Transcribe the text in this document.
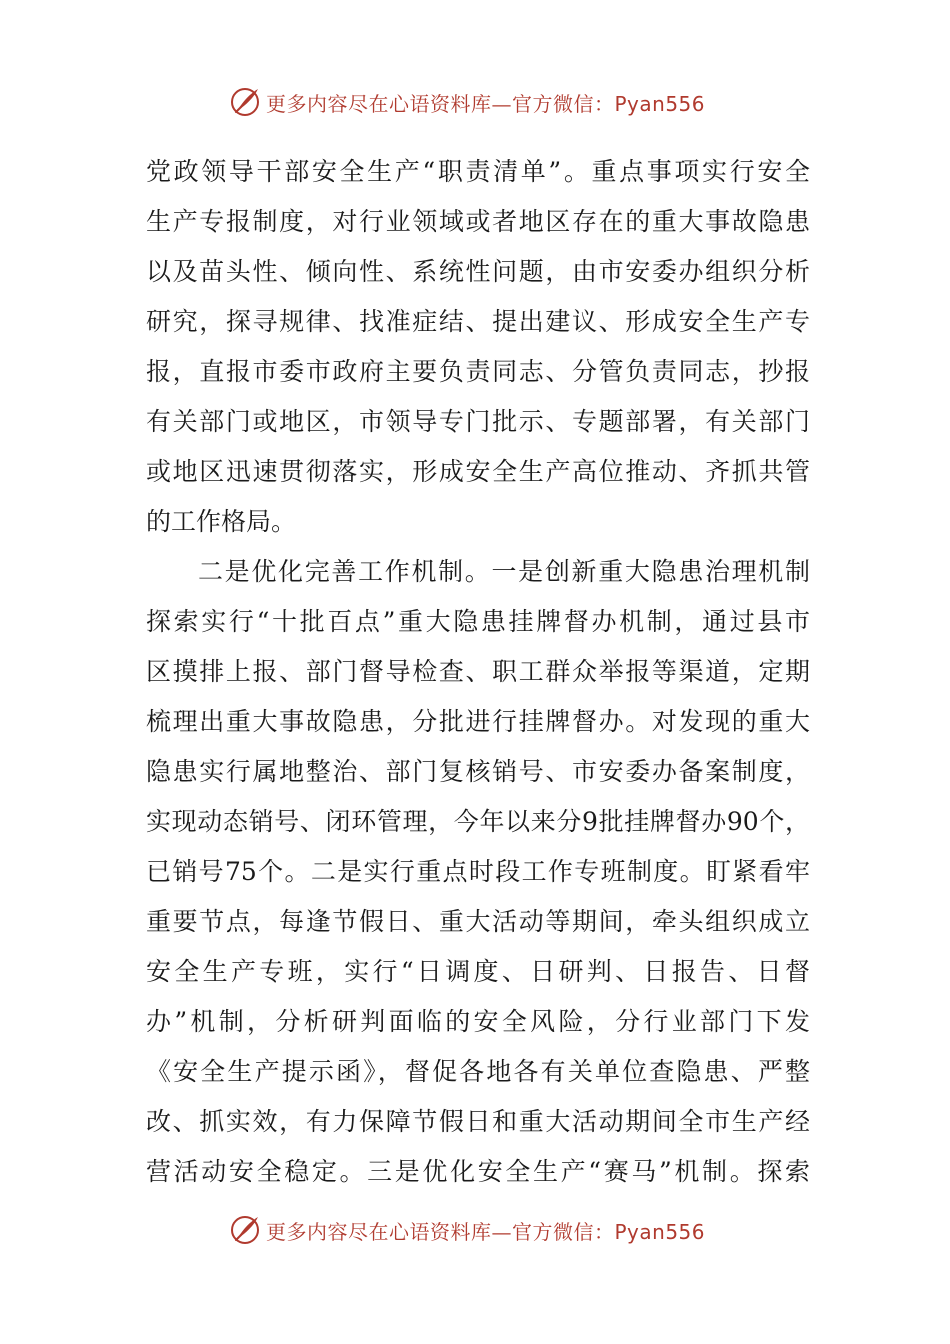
更多内容尽在心语资料库—官方微信：Pyan556
党政领导干部安全生产“职责清单”。重点事项实行安全
生产专报制度，对行业领域或者地区存在的重大事故隐患
以及苗头性、倾向性、系统性问题，由市安委办组织分析
研究，探寻规律、找准症结、提出建议、形成安全生产专
报，直报市委市政府主要负责同志、分管负责同志，抄报
有关部门或地区，市领导专门批示、专题部署，有关部门
或地区迅速贯彻落实，形成安全生产高位推动、齐抓共管
的工作格局。
二是优化完善工作机制。一是创新重大隐患治理机制
探索实行“十批百点”重大隐患挂牌督办机制，通过县市
区摸排上报、部门督导检查、职工群众举报等渠道，定期
梳理出重大事故隐患，分批进行挂牌督办。对发现的重大
隐患实行属地整治、部门复核销号、市安委办备案制度，
实现动态销号、闭环管理，今年以来分9批挂牌督办90个，
已销号75个。二是实行重点时段工作专班制度。盯紧看牢
重要节点，每逢节假日、重大活动等期间，牵头组织成立
安全生产专班，实行“日调度、日研判、日报告、日督
办”机制，分析研判面临的安全风险，分行业部门下发
《安全生产提示函》，督促各地各有关单位查隐患、严整
改、抓实效，有力保障节假日和重大活动期间全市生产经
营活动安全稳定。三是优化安全生产“赛马”机制。探索
更多内容尽在心语资料库—官方微信：Pyan556
